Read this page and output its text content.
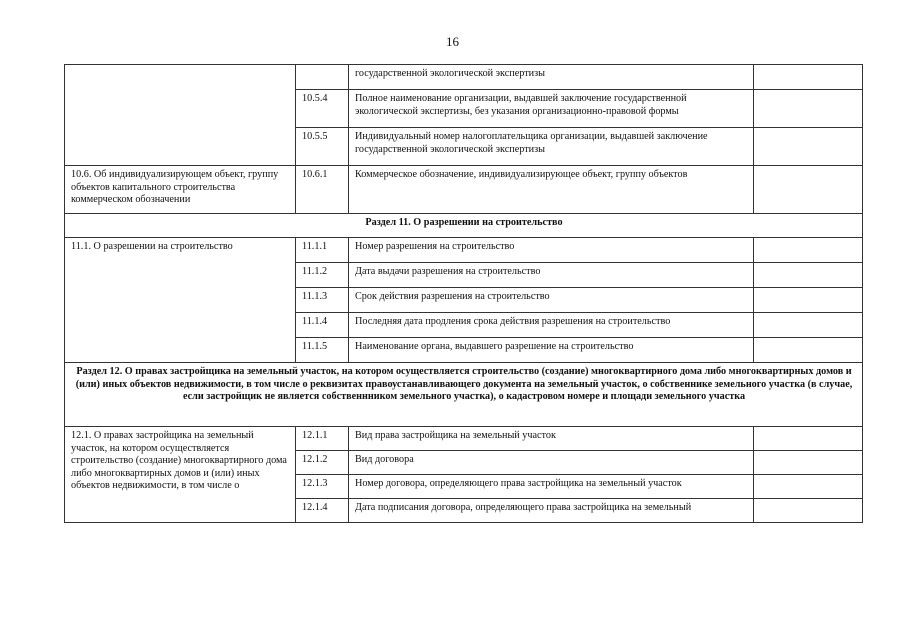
16
		государственной экологической экспертизы	
	10.5.4	Полное наименование организации, выдавшей заключение государственной экологической экспертизы, без указания организационно-правовой формы	
	10.5.5	Индивидуальный номер налогоплательщика организации, выдавшей заключение государственной экологической экспертизы	
10.6. Об индивидуализирующем объект, группу объектов капитального строительства коммерческом обозначении	10.6.1	Коммерческое обозначение, индивидуализирующее объект, группу объектов	
Раздел 11. О разрешении на строительство			
11.1. О разрешении на строительство	11.1.1	Номер разрешения на строительство	
	11.1.2	Дата выдачи разрешения на строительство	
	11.1.3	Срок действия разрешения на строительство	
	11.1.4	Последняя дата продления срока действия разрешения на строительство	
	11.1.5	Наименование органа, выдавшего разрешение на строительство	
Раздел 12. О правах застройщика на земельный участок, на котором осуществляется строительство (создание) многоквартирного дома либо многоквартирных домов и (или) иных объектов недвижимости, в том числе о реквизитах правоустанавливающего документа на земельный участок, о собственнике земельного участка (в случае, если застройщик не является собственнником земельного участка), о кадастровом номере и площади земельного участка			
12.1. О правах застройщика на земельный участок, на котором осуществляется строительство (создание) многоквартирного дома либо многоквартирных домов и (или) иных объектов недвижимости, в том числе о	12.1.1	Вид права застройщика на земельный участок	
	12.1.2	Вид договора	
	12.1.3	Номер договора, определяющего права застройщика на земельный участок	
	12.1.4	Дата подписания договора, определяющего права застройщика на земельный	
